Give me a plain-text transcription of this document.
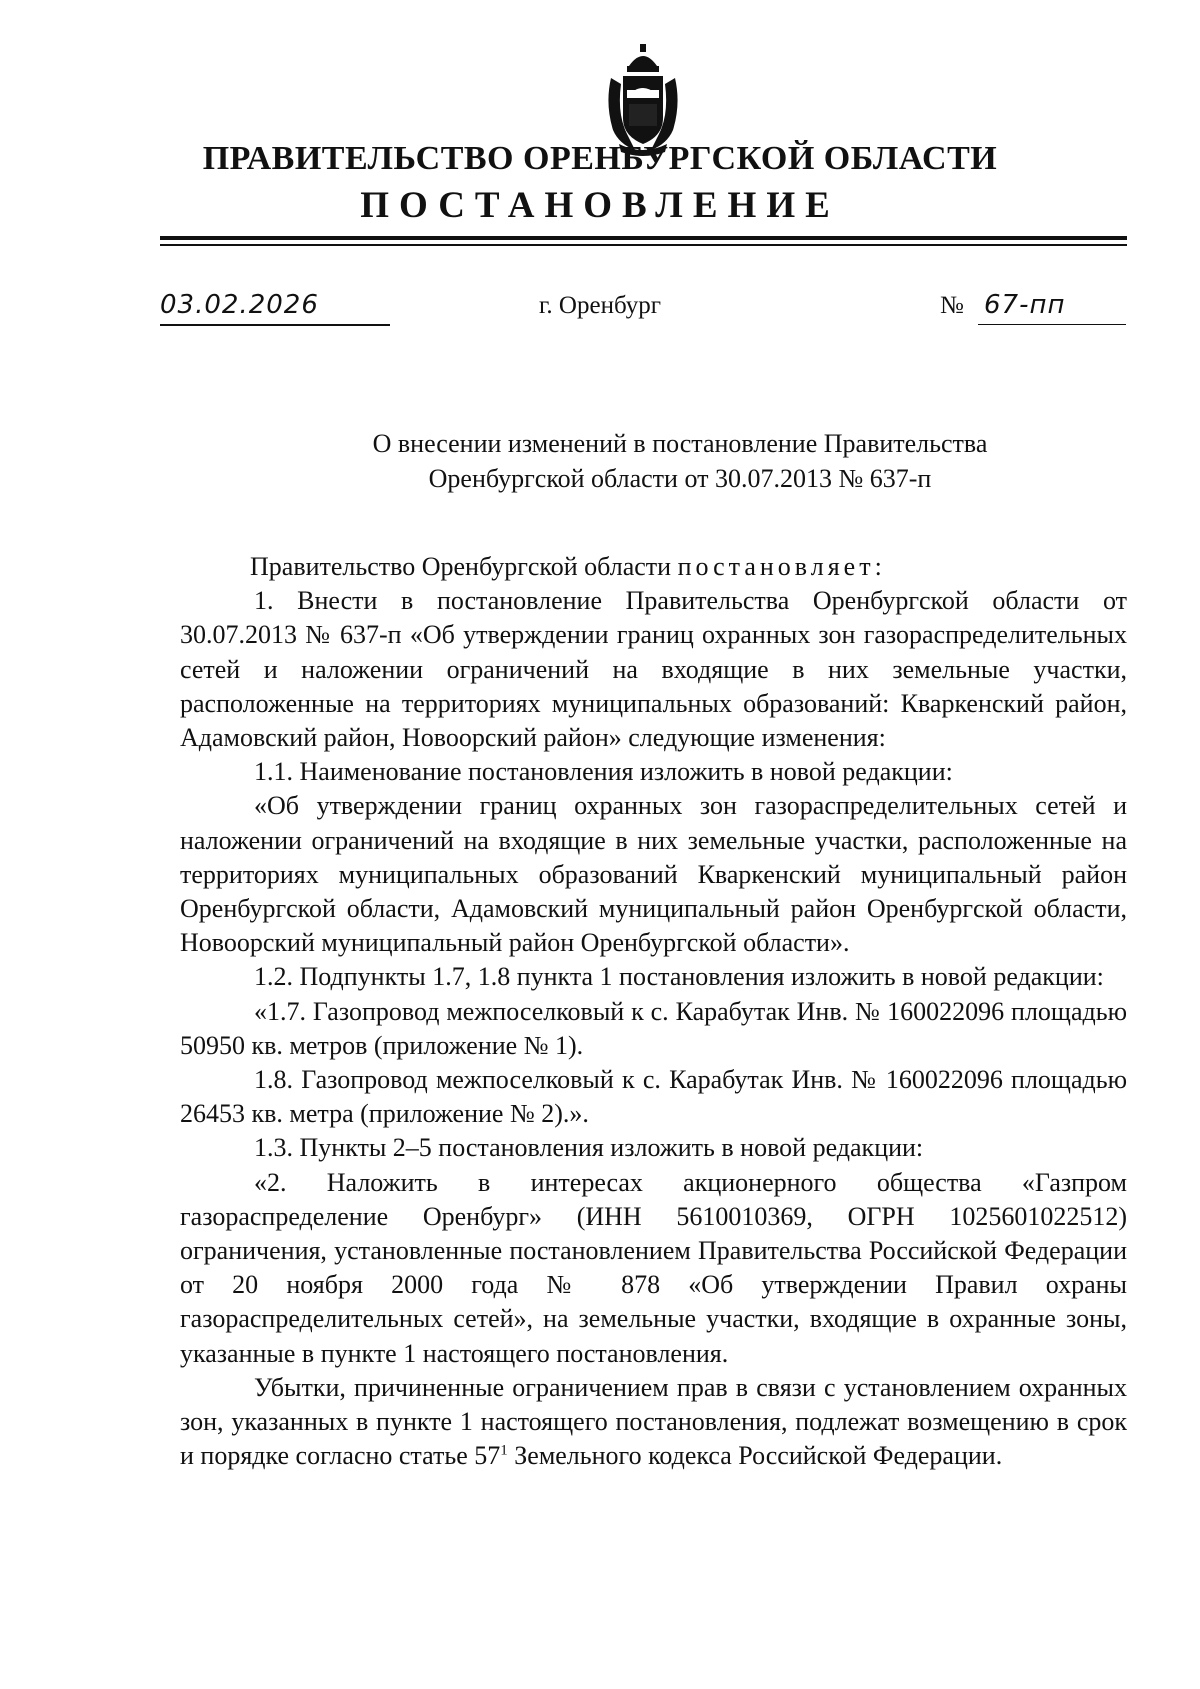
ПРАВИТЕЛЬСТВО ОРЕНБУРГСКОЙ ОБЛАСТИ
ПОСТАНОВЛЕНИЕ
03.02.2026	г. Оренбург	№ 67-пп
О внесении изменений в постановление Правительства
Оренбургской области от 30.07.2013 № 637-п

Правительство Оренбургской области постановляет:

1. Внести в постановление Правительства Оренбургской области от 30.07.2013 № 637-п «Об утверждении границ охранных зон газораспределительных сетей и наложении ограничений на входящие в них земельные участки, расположенные на территориях муниципальных образований: Кваркенский район, Адамовский район, Новоорский район» следующие изменения:

1.1. Наименование постановления изложить в новой редакции:

«Об утверждении границ охранных зон газораспределительных сетей и наложении ограничений на входящие в них земельные участки, расположенные на территориях муниципальных образований Кваркенский муниципальный район Оренбургской области, Адамовский муниципальный район Оренбургской области, Новоорский муниципальный район Оренбургской области».

1.2. Подпункты 1.7, 1.8 пункта 1 постановления изложить в новой редакции:

«1.7. Газопровод межпоселковый к с. Карабутак Инв. № 160022096 площадью 50950 кв. метров (приложение № 1).

1.8. Газопровод межпоселковый к с. Карабутак Инв. № 160022096 площадью 26453 кв. метра (приложение № 2).».

1.3. Пункты 2–5 постановления изложить в новой редакции:

«2. Наложить в интересах акционерного общества «Газпром газораспределение Оренбург» (ИНН 5610010369, ОГРН 1025601022512) ограничения, установленные постановлением Правительства Российской Федерации от 20 ноября 2000 года № 878 «Об утверждении Правил охраны газораспределительных сетей», на земельные участки, входящие в охранные зоны, указанные в пункте 1 настоящего постановления.

Убытки, причиненные ограничением прав в связи с установлением охранных зон, указанных в пункте 1 настоящего постановления, подлежат возмещению в срок и порядке согласно статье $57^1$ Земельного кодекса Российской Федерации.
